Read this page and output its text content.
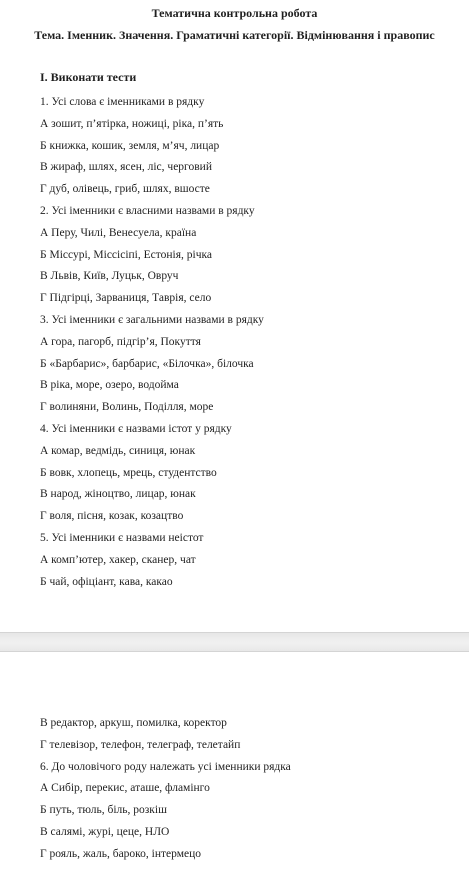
Тематична контрольна робота
Тема. Іменник. Значення. Граматичні категорії. Відмінювання і правопис
І. Виконати тести
1. Усі слова є іменниками в рядку
А зошит, п’ятірка, ножиці, ріка, п’ять
Б книжка, кошик, земля, м’яч, лицар
В жираф, шлях, ясен, ліс, черговий
Г дуб, олівець, гриб, шлях, вшосте
2. Усі іменники є власними назвами в рядку
А Перу, Чилі, Венесуела, країна
Б Міссурі, Міссісіпі, Естонія, річка
В Львів, Київ, Луцьк, Овруч
Г Підгірці, Зарваниця, Таврія, село
3. Усі іменники є загальними назвами в рядку
А гора, пагорб, підгір’я, Покуття
Б «Барбарис», барбарис, «Білочка», білочка
В ріка, море, озеро, водойма
Г волиняни, Волинь, Поділля, море
4. Усі іменники є назвами істот у рядку
А комар, ведмідь, синиця, юнак
Б вовк, хлопець, мрець, студентство
В народ, жіноцтво, лицар, юнак
Г воля, пісня, козак, козацтво
5. Усі іменники є назвами неістот
А комп’ютер, хакер, сканер, чат
Б чай, офіціант, кава, какао
В редактор, аркуш, помилка, коректор
Г телевізор, телефон, телеграф, телетайп
6. До чоловічого роду належать усі іменники рядка
А Сибір, перекис, аташе, фламінго
Б путь, тюль, біль, розкіш
В салямі, журі, цеце, НЛО
Г рояль, жаль, бароко, інтермецо
